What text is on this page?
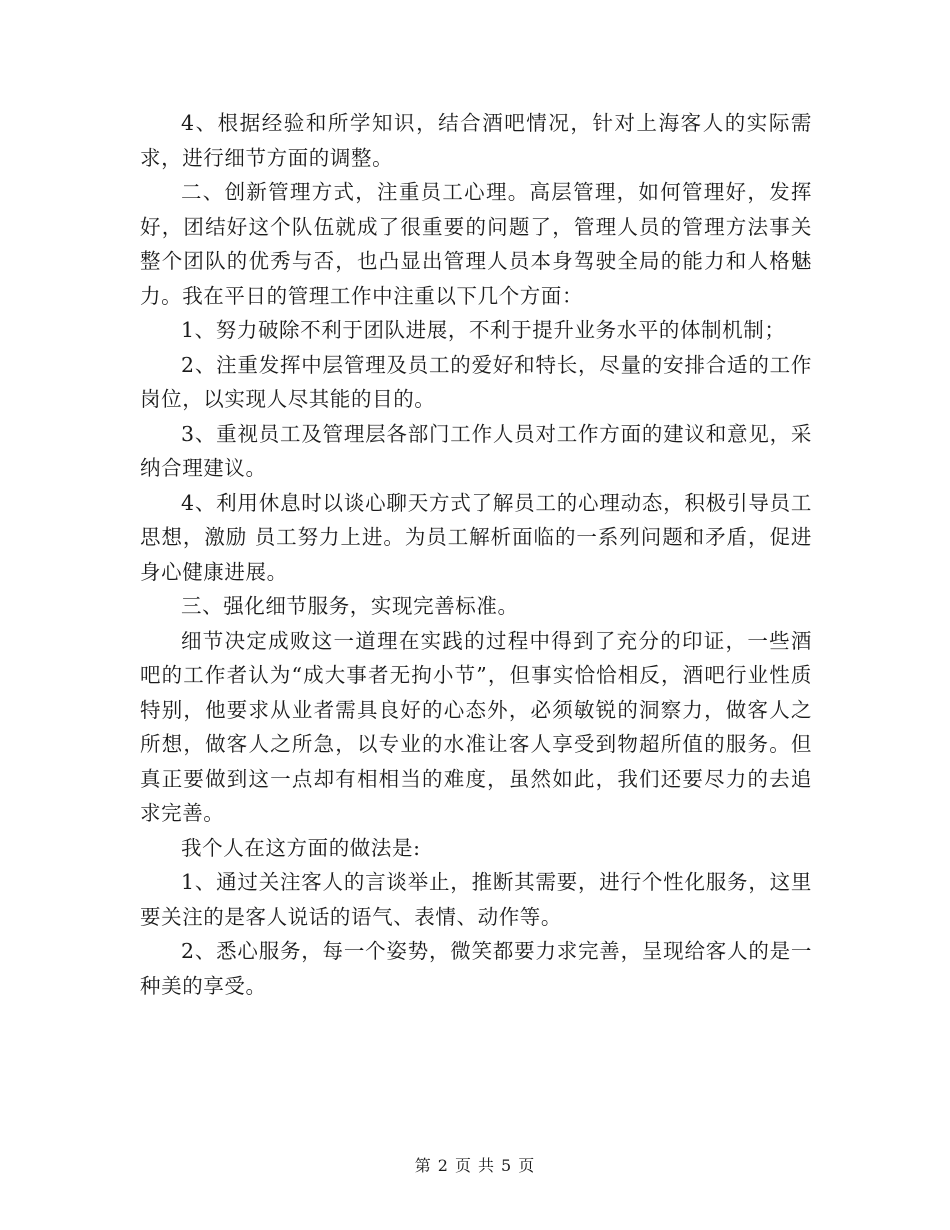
4、根据经验和所学知识，结合酒吧情况，针对上海客人的实际需求，进行细节方面的调整。

二、创新管理方式，注重员工心理。高层管理，如何管理好，发挥好，团结好这个队伍就成了很重要的问题了，管理人员的管理方法事关整个团队的优秀与否，也凸显出管理人员本身驾驶全局的能力和人格魅力。我在平日的管理工作中注重以下几个方面：

1、努力破除不利于团队进展，不利于提升业务水平的体制机制；

2、注重发挥中层管理及员工的爱好和特长，尽量的安排合适的工作岗位，以实现人尽其能的目的。

3、重视员工及管理层各部门工作人员对工作方面的建议和意见，采纳合理建议。

4、利用休息时以谈心聊天方式了解员工的心理动态，积极引导员工思想，激励 员工努力上进。为员工解析面临的一系列问题和矛盾，促进身心健康进展。

三、强化细节服务，实现完善标准。

细节决定成败这一道理在实践的过程中得到了充分的印证，一些酒吧的工作者认为“成大事者无拘小节”，但事实恰恰相反，酒吧行业性质特别，他要求从业者需具良好的心态外，必须敏锐的洞察力，做客人之所想，做客人之所急，以专业的水准让客人享受到物超所值的服务。但真正要做到这一点却有相相当的难度，虽然如此，我们还要尽力的去追求完善。

我个人在这方面的做法是:

1、通过关注客人的言谈举止，推断其需要，进行个性化服务，这里要关注的是客人说话的语气、表情、动作等。

2、悉心服务，每一个姿势，微笑都要力求完善，呈现给客人的是一种美的享受。

第 2 页 共 5 页
